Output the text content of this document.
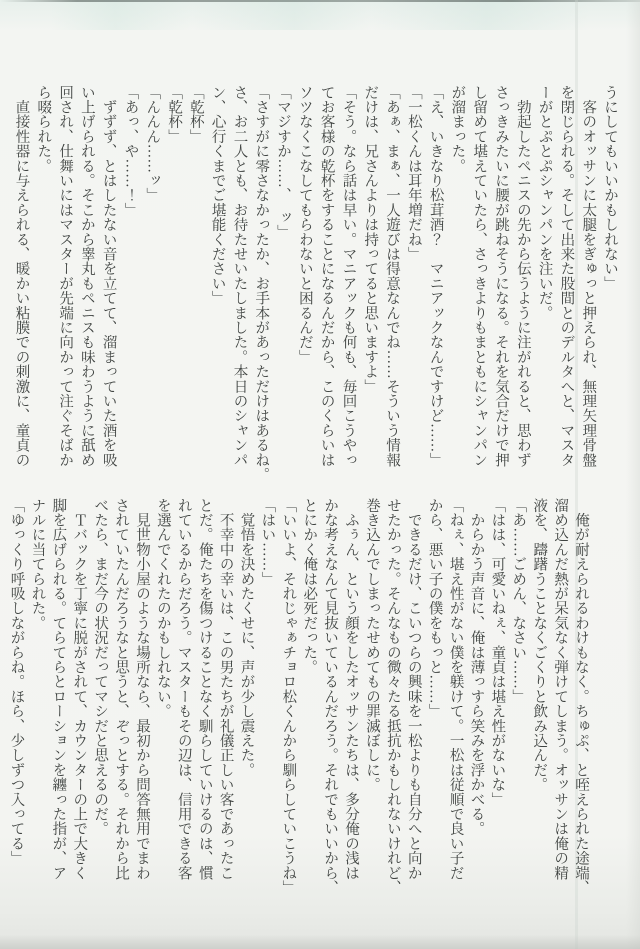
うにしてもいいかもしれない」
　客のオッサンに太腿をぎゅっと押えられ、無理矢理骨盤
を閉じられる。そして出来た股間とのデルタへと、マスタ
ーがとぷとぷシャンパンを注いだ。
　勃起したペニスの先から伝うように注がれると、思わず
さっきみたいに腰が跳ねそうになる。それを気合だけで押
し留めて堪えていたら、さっきよりもまともにシャンパン
が溜まった。
「え、いきなり松茸酒？　マニアックなんですけど……」
「一松くんは耳年増だね」
「あぁ、まぁ、一人遊びは得意なんでね……そういう情報
だけは、兄さんよりは持ってると思いますよ」
「そう。なら話は早い。マニアックも何も、毎回こうやっ
てお客様の乾杯をすることになるんだから、このくらいは
ソツなくこなしてもらわないと困るんだ」
「マジすか……、　ッ」
「さすがに零さなかったか、お手本があっただけはあるね。
さ、お二人とも、お待たせいたしました。本日のシャンパ
ン、心行くまでご堪能ください」
「乾杯」
「乾杯」
「んんん……ッ」
「あっ、や……！」
　ずずず、とはしたない音を立てて、溜まっていた酒を吸
い上げられる。そこから睾丸もペニスも味わうように舐め
回され、仕舞いにはマスターが先端に向かって注ぐそばか
ら啜られた。
　直接性器に与えられる、暖かい粘膜での刺激に、童貞の
　俺が耐えられるわけもなく。ちゅぷ、と咥えられた途端、
溜め込んだ熱が呆気なく弾けてしまう。オッサンは俺の精
液を、躊躇うことなくごくりと飲み込んだ。
「あ……ごめん、なさい……」
「はは、可愛いねぇ、童貞は堪え性がないな」
　からかう声音に、俺は薄っすら笑みを浮かべる。
「ねぇ、堪え性がない僕を躾けて。一松は従順で良い子だ
から、悪い子の僕をもっと……」
　できるだけ、こいつらの興味を一松よりも自分へと向か
せたかった。そんなもの微々たる抵抗かもしれないけれど、
巻き込んでしまったせめてもの罪滅ぼしに。
　ふぅん、という顔をしたオッサンたちは、多分俺の浅は
かな考えなんて見抜いているんだろう。それでもいいから、
とにかく俺は必死だった。
「いいよ、それじゃぁチョロ松くんから馴らしていこうね」
「はい……」
　覚悟を決めたくせに、声が少し震えた。
　不幸中の幸いは、この男たちが礼儀正しい客であったこ
とだ。俺たちを傷つけることなく馴らしていけるのは、慣
れているからだろう。マスターもその辺は、信用できる客
を選んでくれたのかもしれない。
　見世物小屋のような場所なら、最初から問答無用でまわ
されていたんだろうなと思うと、ぞっとする。それから比
べたら、まだ今の状況だってマシだと思えるのだ。
　Ｔバックを丁寧に脱がされて、カウンターの上で大きく
脚を広げられる。てらてらとローションを纏った指が、ア
ナルに当てられた。
「ゆっくり呼吸しながらね。ほら、少しずつ入ってる」
